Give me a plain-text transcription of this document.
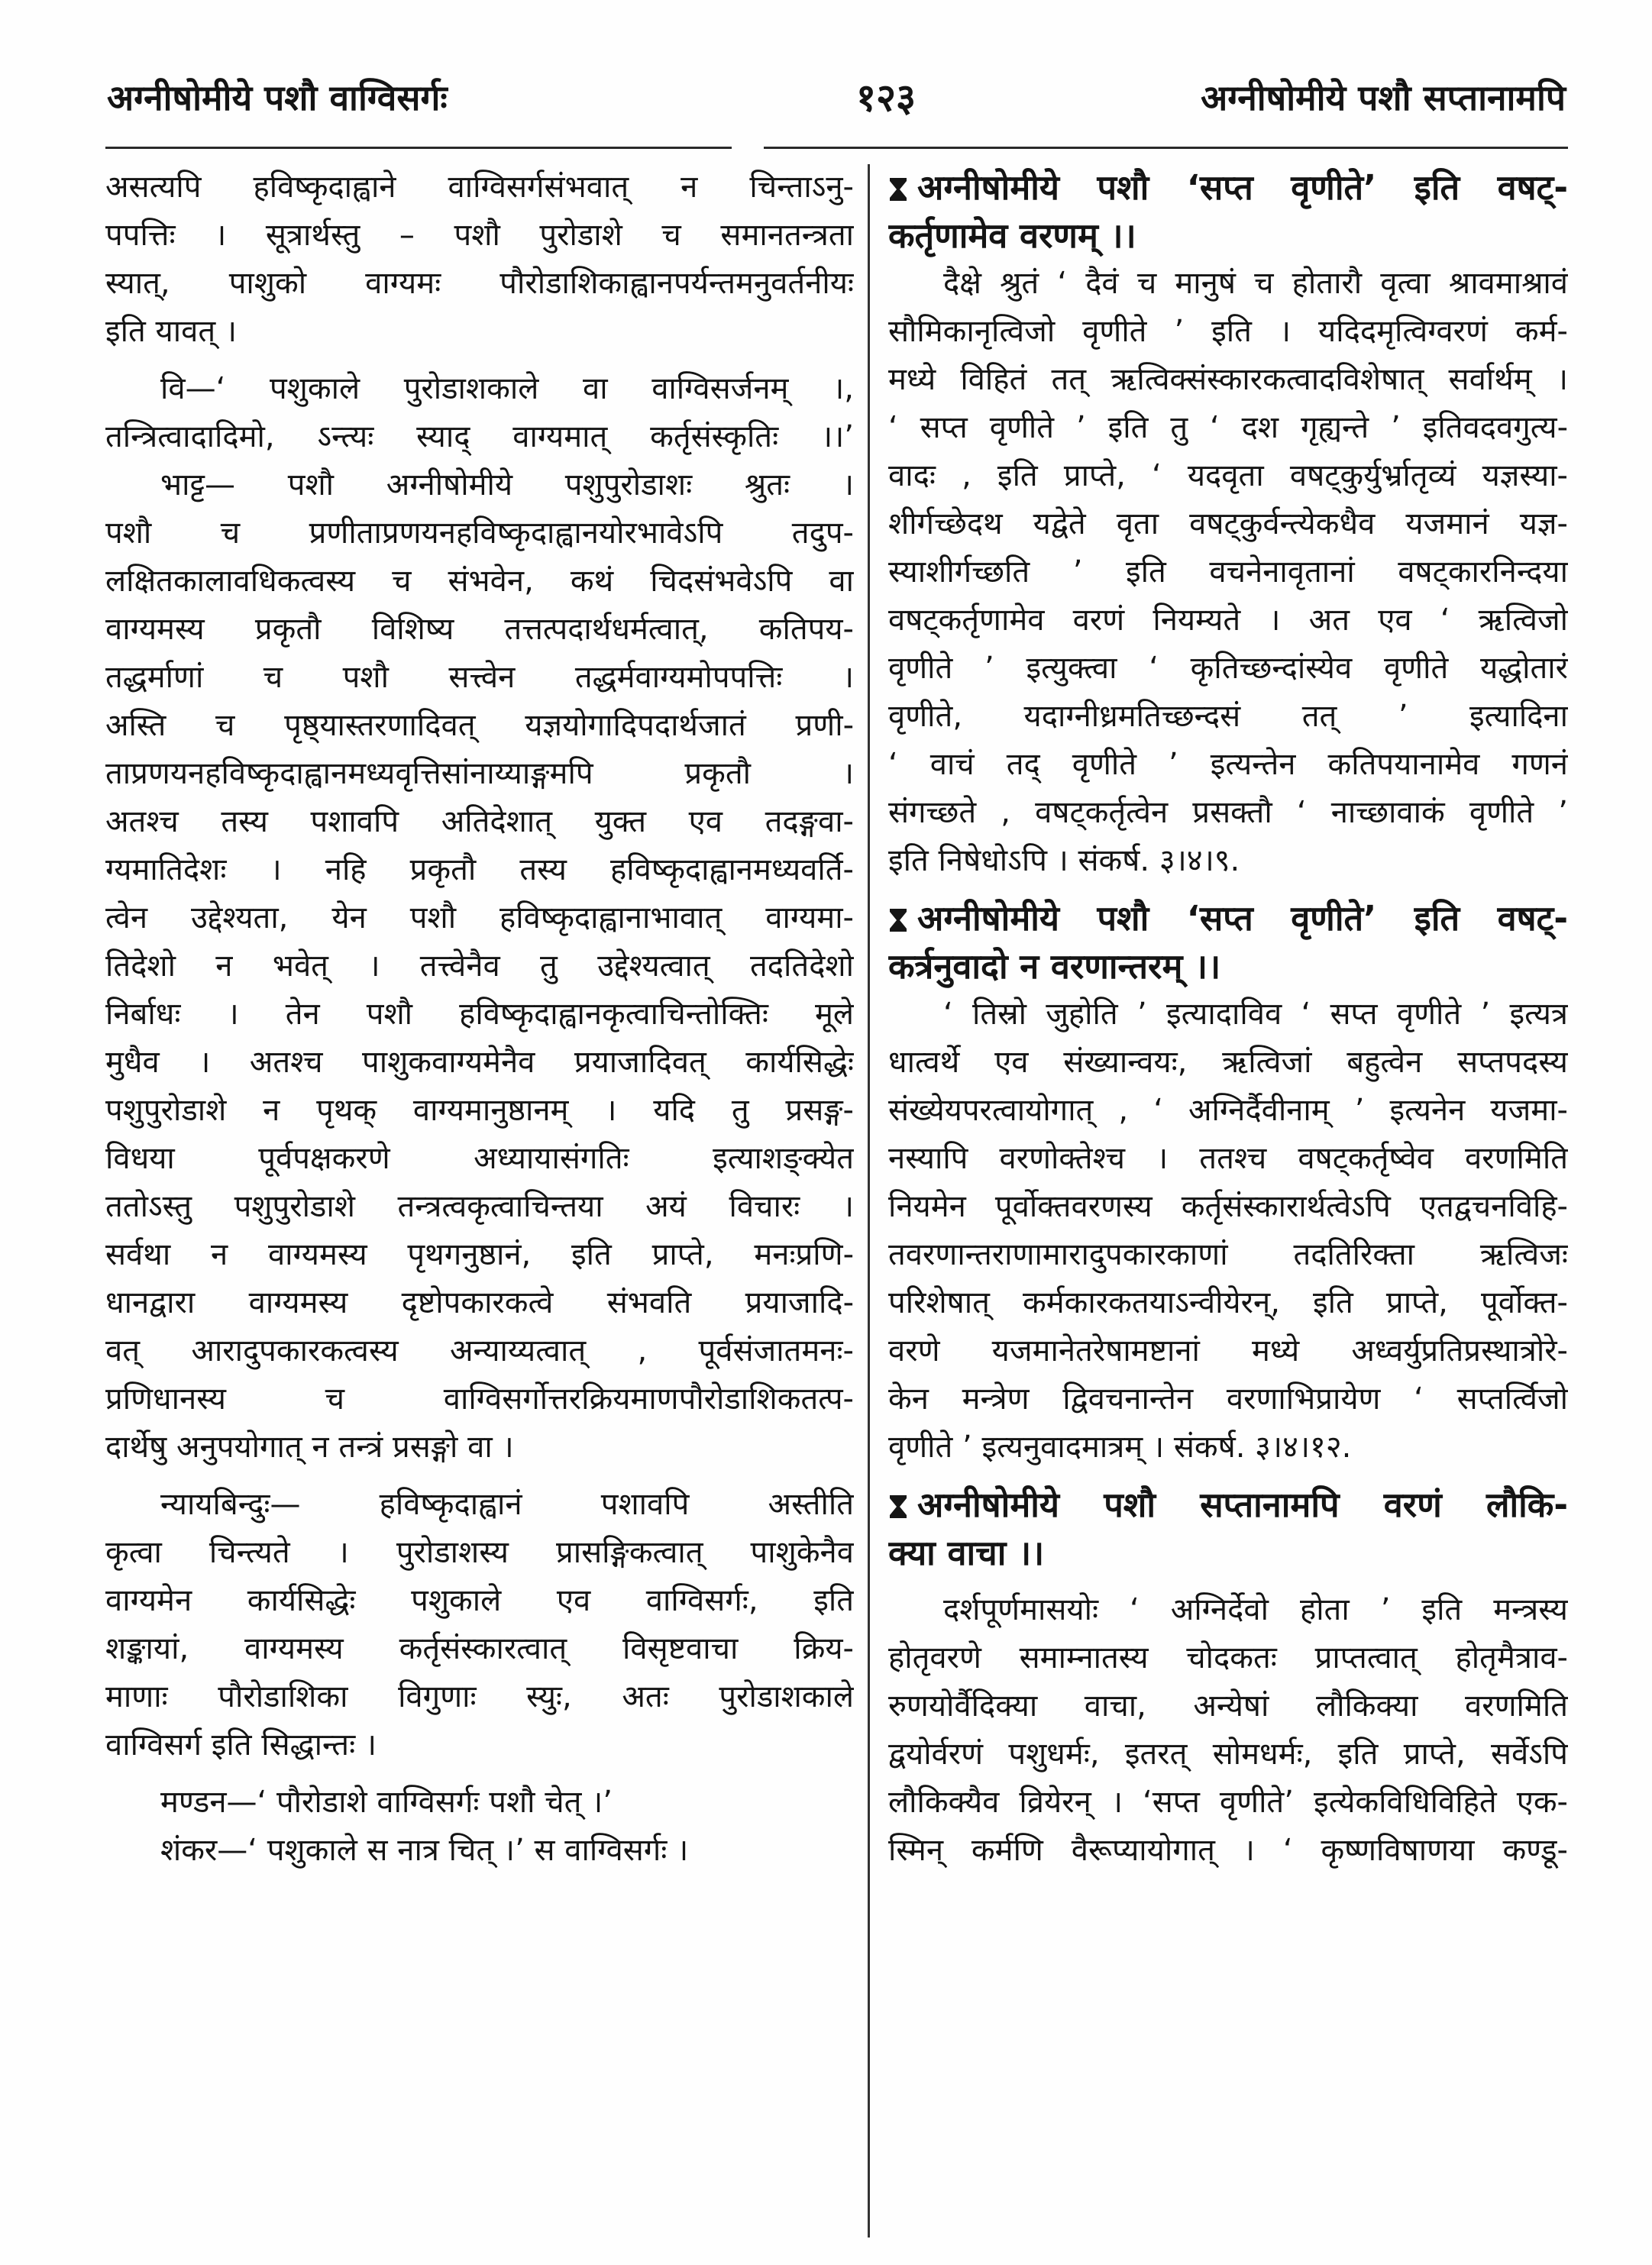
अग्नीषोमीये पशौ वाग्विसर्गः	१२३	अग्नीषोमीये पशौ सप्तानामपि
असत्यपि हविष्कृदाह्वाने वाग्विसर्गसंभवात् न चिन्ताऽनु-
पपत्तिः । सूत्रार्थस्तु – पशौ पुरोडाशे च समानतन्त्रता
स्यात्, पाशुको वाग्यमः पौरोडाशिकाह्वानपर्यन्तमनुवर्तनीयः
इति यावत् ।
वि—‘ पशुकाले पुरोडाशकाले वा वाग्विसर्जनम् ।,
तन्त्रित्वादादिमो, ऽन्त्यः स्याद् वाग्यमात् कर्तृसंस्कृतिः ।।’
भाट्ट— पशौ अग्नीषोमीये पशुपुरोडाशः श्रुतः ।
पशौ च प्रणीताप्रणयनहविष्कृदाह्वानयोरभावेऽपि तदुप-
लक्षितकालावधिकत्वस्य च संभवेन, कथं चिदसंभवेऽपि वा
वाग्यमस्य प्रकृतौ विशिष्य तत्तत्पदार्थधर्मत्वात्, कतिपय-
तद्धर्माणां च पशौ सत्त्वेन तद्धर्मवाग्यमोपपत्तिः ।
अस्ति च पृष्ठ्यास्तरणादिवत् यज्ञयोगादिपदार्थजातं प्रणी-
ताप्रणयनहविष्कृदाह्वानमध्यवृत्तिसांनाय्याङ्गमपि प्रकृतौ ।
अतश्च तस्य पशावपि अतिदेशात् युक्त एव तदङ्गवा-
ग्यमातिदेशः । नहि प्रकृतौ तस्य हविष्कृदाह्वानमध्यवर्ति-
त्वेन उद्देश्यता, येन पशौ हविष्कृदाह्वानाभावात् वाग्यमा-
तिदेशो न भवेत् । तत्त्वेनैव तु उद्देश्यत्वात् तदतिदेशो
निर्बाधः । तेन पशौ हविष्कृदाह्वानकृत्वाचिन्तोक्तिः मूले
मुधैव । अतश्च पाशुकवाग्यमेनैव प्रयाजादिवत् कार्यसिद्धेः
पशुपुरोडाशे न पृथक् वाग्यमानुष्ठानम् । यदि तु प्रसङ्ग-
विधया पूर्वपक्षकरणे अध्यायासंगतिः इत्याशङ्क्येत
ततोऽस्तु पशुपुरोडाशे तन्त्रत्वकृत्वाचिन्तया अयं विचारः ।
सर्वथा न वाग्यमस्य पृथगनुष्ठानं, इति प्राप्ते, मनःप्रणि-
धानद्वारा वाग्यमस्य दृष्टोपकारकत्वे संभवति प्रयाजादि-
वत् आरादुपकारकत्वस्य अन्याय्यत्वात् , पूर्वसंजातमनः-
प्रणिधानस्य च वाग्विसर्गोत्तरक्रियमाणपौरोडाशिकतत्प-
दार्थेषु अनुपयोगात् न तन्त्रं प्रसङ्गो वा ।
न्यायबिन्दुः— हविष्कृदाह्वानं पशावपि अस्तीति
कृत्वा चिन्त्यते । पुरोडाशस्य प्रासङ्गिकत्वात् पाशुकेनैव
वाग्यमेन कार्यसिद्धेः पशुकाले एव वाग्विसर्गः, इति
शङ्कायां, वाग्यमस्य कर्तृसंस्कारत्वात् विसृष्टवाचा क्रिय-
माणाः पौरोडाशिका विगुणाः स्युः, अतः पुरोडाशकाले
वाग्विसर्ग इति सिद्धान्तः ।
मण्डन—‘ पौरोडाशे वाग्विसर्गः पशौ चेत् ।’
शंकर—‘ पशुकाले स नात्र चित् ।’ स वाग्विसर्गः ।
अग्नीषोमीये पशौ ‘सप्त वृणीते’ इति वषट्-
कर्तृणामेव वरणम् ।।
दैक्षे श्रुतं ‘ दैवं च मानुषं च होतारौ वृत्वा श्रावमाश्रावं
सौमिकानृत्विजो वृणीते ’ इति । यदिदमृत्विग्वरणं कर्म-
मध्ये विहितं तत् ऋत्विक्संस्कारकत्वादविशेषात् सर्वार्थम् ।
‘ सप्त वृणीते ’ इति तु ‘ दश गृह्यन्ते ’ इतिवदवगुत्य-
वादः , इति प्राप्ते, ‘ यदवृता वषट्कुर्युर्भ्रातृव्यं यज्ञस्या-
शीर्गच्छेदथ यद्वेते वृता वषट्कुर्वन्त्येकधैव यजमानं यज्ञ-
स्याशीर्गच्छति ’ इति वचनेनावृतानां वषट्कारनिन्दया
वषट्कर्तृणामेव वरणं नियम्यते । अत एव ‘ ऋत्विजो
वृणीते ’ इत्युक्त्वा ‘ कृतिच्छन्दांस्येव वृणीते यद्धोतारं
वृणीते, यदाग्नीध्रमतिच्छन्दसं तत् ’ इत्यादिना
‘ वाचं तद् वृणीते ’ इत्यन्तेन कतिपयानामेव गणनं
संगच्छते , वषट्कर्तृत्वेन प्रसक्तौ ‘ नाच्छावाकं वृणीते ’
इति निषेधोऽपि । संकर्ष. ३।४।९.
अग्नीषोमीये पशौ ‘सप्त वृणीते’ इति वषट्-
कर्त्रनुवादो न वरणान्तरम् ।।
‘ तिस्रो जुहोति ’ इत्यादाविव ‘ सप्त वृणीते ’ इत्यत्र
धात्वर्थे एव संख्यान्वयः, ऋत्विजां बहुत्वेन सप्तपदस्य
संख्येयपरत्वायोगात् , ‘ अग्निर्दैवीनाम् ’ इत्यनेन यजमा-
नस्यापि वरणोक्तेश्च । ततश्च वषट्कर्तृष्वेव वरणमिति
नियमेन पूर्वोक्तवरणस्य कर्तृसंस्कारार्थत्वेऽपि एतद्वचनविहि-
तवरणान्तराणामारादुपकारकाणां तदतिरिक्ता ऋत्विजः
परिशेषात् कर्मकारकतयाऽन्वीयेरन्, इति प्राप्ते, पूर्वोक्त-
वरणे यजमानेतरेषामष्टानां मध्ये अध्वर्युप्रतिप्रस्थात्रोरे-
केन मन्त्रेण द्विवचनान्तेन वरणाभिप्रायेण ‘ सप्तर्त्विजो
वृणीते ’ इत्यनुवादमात्रम् । संकर्ष. ३।४।१२.
अग्नीषोमीये पशौ सप्तानामपि वरणं लौकि-
क्या वाचा ।।
दर्शपूर्णमासयोः ‘ अग्निर्देवो होता ’ इति मन्त्रस्य
होतृवरणे समाम्नातस्य चोदकतः प्राप्तत्वात् होतृमैत्राव-
रुणयोर्वैदिक्या वाचा, अन्येषां लौकिक्या वरणमिति
द्वयोर्वरणं पशुधर्मः, इतरत् सोमधर्मः, इति प्राप्ते, सर्वेऽपि
लौकिक्यैव व्रियेरन् । ‘सप्त वृणीते’ इत्येकविधिविहिते एक-
स्मिन् कर्मणि वैरूप्यायोगात् । ‘ कृष्णविषाणया कण्डू-
